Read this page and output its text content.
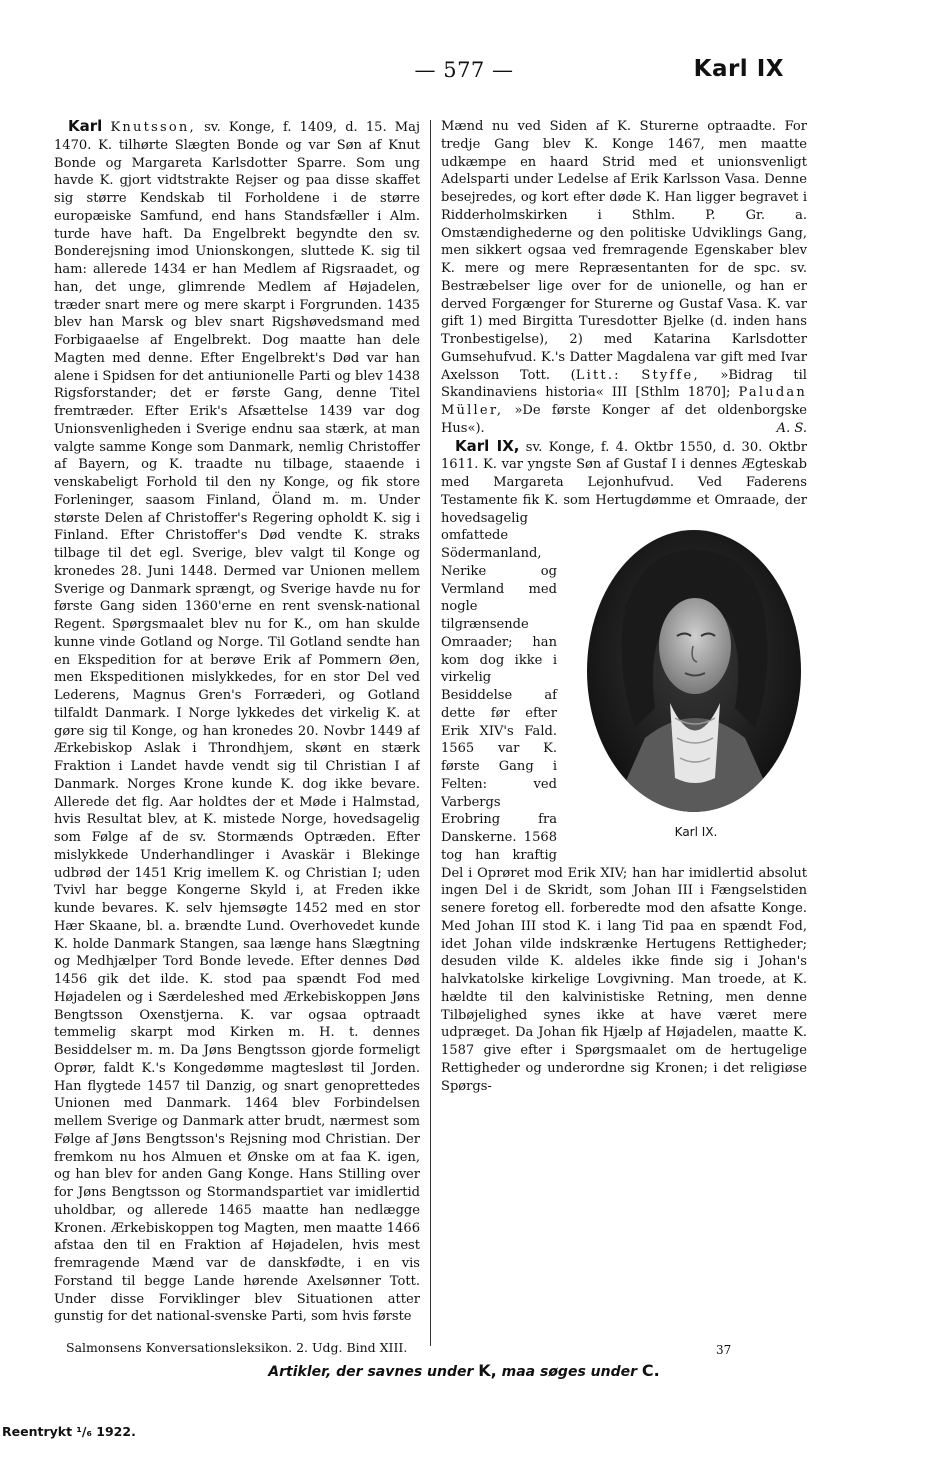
— 577 —	Karl IX

Karl Knutsson, sv. Konge, f. 1409, d. 15. Maj 1470. K. tilhørte Slægten Bonde og var Søn af Knut Bonde og Margareta Karlsdotter Sparre. Som ung havde K. gjort vidtstrakte Rejser og paa disse skaffet sig større Kendskab til Forholdene i de større europæiske Samfund, end hans Standsfæller i Alm. turde have haft. Da Engelbrekt begyndte den sv. Bonderejsning imod Unionskongen, sluttede K. sig til ham: allerede 1434 er han Medlem af Rigsraadet, og han, det unge, glimrende Medlem af Højadelen, træder snart mere og mere skarpt i Forgrunden. 1435 blev han Marsk og blev snart Rigshøvedsmand med Forbigaaelse af Engelbrekt. Dog maatte han dele Magten med denne. Efter Engelbrekt's Død var han alene i Spidsen for det antiunionelle Parti og blev 1438 Rigsforstander; det er første Gang, denne Titel fremtræder. Efter Erik's Afsættelse 1439 var dog Unionsvenligheden i Sverige endnu saa stærk, at man valgte samme Konge som Danmark, nemlig Christoffer af Bayern, og K. traadte nu tilbage, staaende i venskabeligt Forhold til den ny Konge, og fik store Forleninger, saasom Finland, Öland m. m. Under største Delen af Christoffer's Regering opholdt K. sig i Finland. Efter Christoffer's Død vendte K. straks tilbage til det egl. Sverige, blev valgt til Konge og kronedes 28. Juni 1448. Dermed var Unionen mellem Sverige og Danmark sprængt, og Sverige havde nu for første Gang siden 1360'erne en rent svensk-national Regent. Spørgsmaalet blev nu for K., om han skulde kunne vinde Gotland og Norge. Til Gotland sendte han en Ekspedition for at berøve Erik af Pommern Øen, men Ekspeditionen mislykkedes, for en stor Del ved Lederens, Magnus Gren's Forræderi, og Gotland tilfaldt Danmark. I Norge lykkedes det virkelig K. at gøre sig til Konge, og han kronedes 20. Novbr 1449 af Ærkebiskop Aslak i Throndhjem, skønt en stærk Fraktion i Landet havde vendt sig til Christian I af Danmark. Norges Krone kunde K. dog ikke bevare. Allerede det flg. Aar holdtes der et Møde i Halmstad, hvis Resultat blev, at K. mistede Norge, hovedsagelig som Følge af de sv. Stormænds Optræden. Efter mislykkede Underhandlinger i Avaskär i Blekinge udbrød der 1451 Krig imellem K. og Christian I; uden Tvivl har begge Kongerne Skyld i, at Freden ikke kunde bevares. K. selv hjemsøgte 1452 med en stor Hær Skaane, bl. a. brændte Lund. Overhovedet kunde K. holde Danmark Stangen, saa længe hans Slægtning og Medhjælper Tord Bonde levede. Efter dennes Død 1456 gik det ilde. K. stod paa spændt Fod med Højadelen og i Særdeleshed med Ærkebiskoppen Jøns Bengtsson Oxenstjerna. K. var ogsaa optraadt temmelig skarpt mod Kirken m. H. t. dennes Besiddelser m. m. Da Jøns Bengtsson gjorde formeligt Oprør, faldt K.'s Kongedømme magtesløst til Jorden. Han flygtede 1457 til Danzig, og snart genoprettedes Unionen med Danmark. 1464 blev Forbindelsen mellem Sverige og Danmark atter brudt, nærmest som Følge af Jøns Bengtsson's Rejsning mod Christian. Der fremkom nu hos Almuen et Ønske om at faa K. igen, og han blev for anden Gang Konge. Hans Stilling over for Jøns Bengtsson og Stormandspartiet var imidlertid uholdbar, og allerede 1465 maatte han nedlægge Kronen. Ærkebiskoppen tog Magten, men maatte 1466 afstaa den til en Fraktion af Højadelen, hvis mest fremragende Mænd var de danskfødte, i en vis Forstand til begge Lande hørende Axelsønner Tott. Under disse Forviklinger blev Situationen atter gunstig for det national-svenske Parti, som hvis første

Mænd nu ved Siden af K. Sturerne optraadte. For tredje Gang blev K. Konge 1467, men maatte udkæmpe en haard Strid med et unionsvenligt Adelsparti under Ledelse af Erik Karlsson Vasa. Denne besejredes, og kort efter døde K. Han ligger begravet i Ridderholmskirken i Sthlm. P. Gr. a. Omstændighederne og den politiske Udviklings Gang, men sikkert ogsaa ved fremragende Egenskaber blev K. mere og mere Repræsentanten for de spc. sv. Bestræbelser lige over for de unionelle, og han er derved Forgænger for Sturerne og Gustaf Vasa. K. var gift 1) med Birgitta Turesdotter Bjelke (d. inden hans Tronbestigelse), 2) med Katarina Karlsdotter Gumsehufvud. K.'s Datter Magdalena var gift med Ivar Axelsson Tott. (Litt.: Styffe, »Bidrag til Skandinaviens historia« III [Sthlm 1870]; Paludan Müller, »De første Konger af det oldenborgske Hus«).	A. S.

Karl IX, sv. Konge, f. 4. Oktbr 1550, d. 30. Oktbr 1611. K. var yngste Søn af Gustaf I i dennes Ægteskab med Margareta Lejonhufvud. Ved Faderens Testamente fik K. som
Karl IX.
Hertugdømme et Omraade, der hovedsagelig omfattede Södermanland, Nerike og Vermland med nogle tilgrænsende Omraader; han kom dog ikke i virkelig Besiddelse af dette før efter Erik XIV's Fald. 1565 var K. første Gang i Felten: ved Varbergs Erobring fra Danskerne. 1568 tog han kraftig Del i Oprøret mod Erik XIV; han har imidlertid absolut ingen Del i de Skridt, som Johan III i Fængselstiden senere foretog ell. forberedte mod den afsatte Konge. Med Johan III stod K. i lang Tid paa en spændt Fod, idet Johan vilde indskrænke Hertugens Rettigheder; desuden vilde K. aldeles ikke finde sig i Johan's halvkatolske kirkelige Lovgivning. Man troede, at K. hældte til den kalvinistiske Retning, men denne Tilbøjelighed synes ikke at have været mere udpræget. Da Johan fik Hjælp af Højadelen, maatte K. 1587 give efter i Spørgsmaalet om de hertugelige Rettigheder og underordne sig Kronen; i det religiøse Spørgs-

Salmonsens Konversationsleksikon. 2. Udg. Bind XIII.	37
Artikler, der savnes under K, maa søges under C.
Reentrykt ¹/₆ 1922.
